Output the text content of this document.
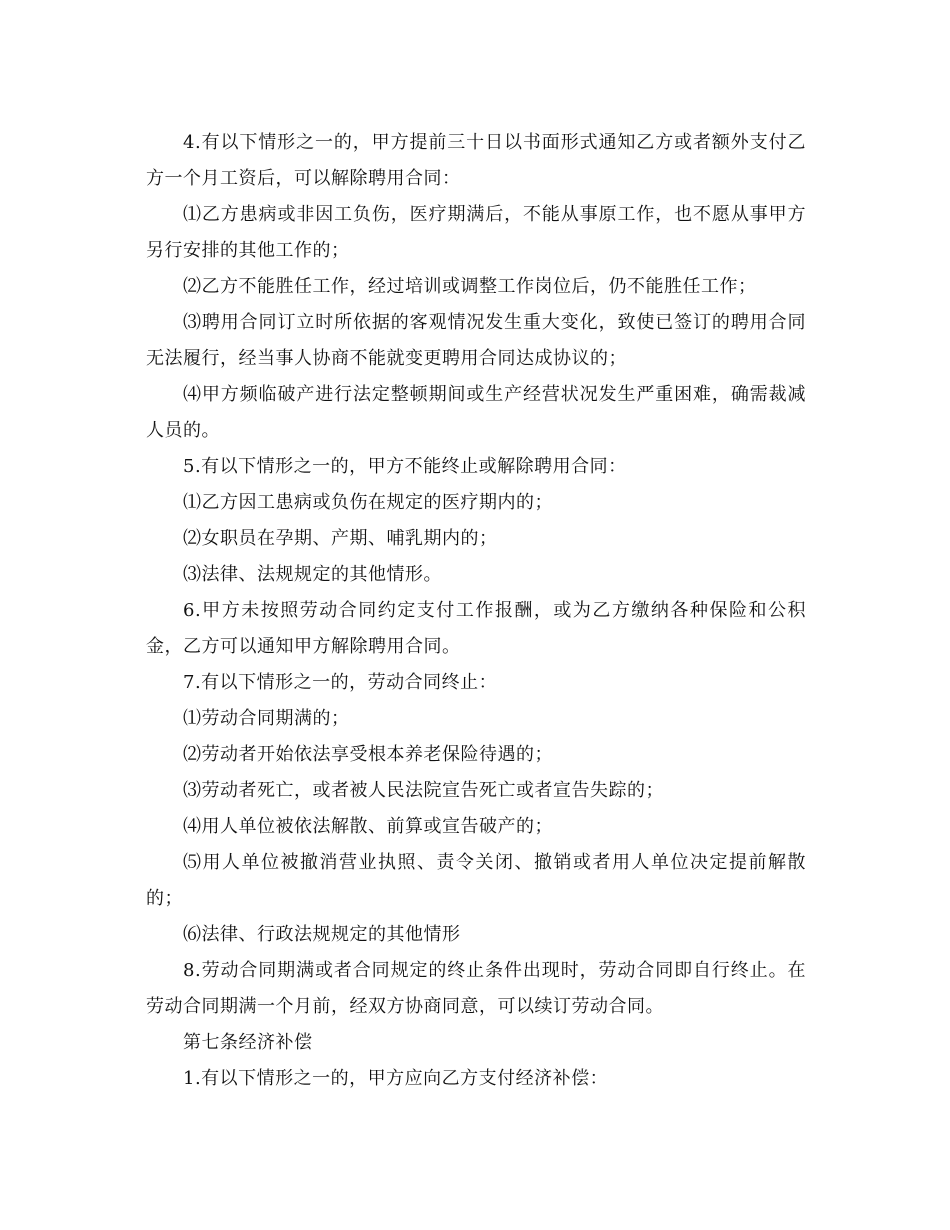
4.有以下情形之一的，甲方提前三十日以书面形式通知乙方或者额外支付乙方一个月工资后，可以解除聘用合同：

⑴乙方患病或非因工负伤，医疗期满后，不能从事原工作，也不愿从事甲方另行安排的其他工作的；

⑵乙方不能胜任工作，经过培训或调整工作岗位后，仍不能胜任工作；

⑶聘用合同订立时所依据的客观情况发生重大变化，致使已签订的聘用合同无法履行，经当事人协商不能就变更聘用合同达成协议的；

⑷甲方频临破产进行法定整顿期间或生产经营状况发生严重困难，确需裁减人员的。

5.有以下情形之一的，甲方不能终止或解除聘用合同：

⑴乙方因工患病或负伤在规定的医疗期内的；

⑵女职员在孕期、产期、哺乳期内的；

⑶法律、法规规定的其他情形。

6.甲方未按照劳动合同约定支付工作报酬，或为乙方缴纳各种保险和公积金，乙方可以通知甲方解除聘用合同。

7.有以下情形之一的，劳动合同终止：

⑴劳动合同期满的；

⑵劳动者开始依法享受根本养老保险待遇的；

⑶劳动者死亡，或者被人民法院宣告死亡或者宣告失踪的；

⑷用人单位被依法解散、前算或宣告破产的；

⑸用人单位被撤消营业执照、责令关闭、撤销或者用人单位决定提前解散的；

⑹法律、行政法规规定的其他情形

8.劳动合同期满或者合同规定的终止条件出现时，劳动合同即自行终止。在劳动合同期满一个月前，经双方协商同意，可以续订劳动合同。

第七条经济补偿

1.有以下情形之一的，甲方应向乙方支付经济补偿：
